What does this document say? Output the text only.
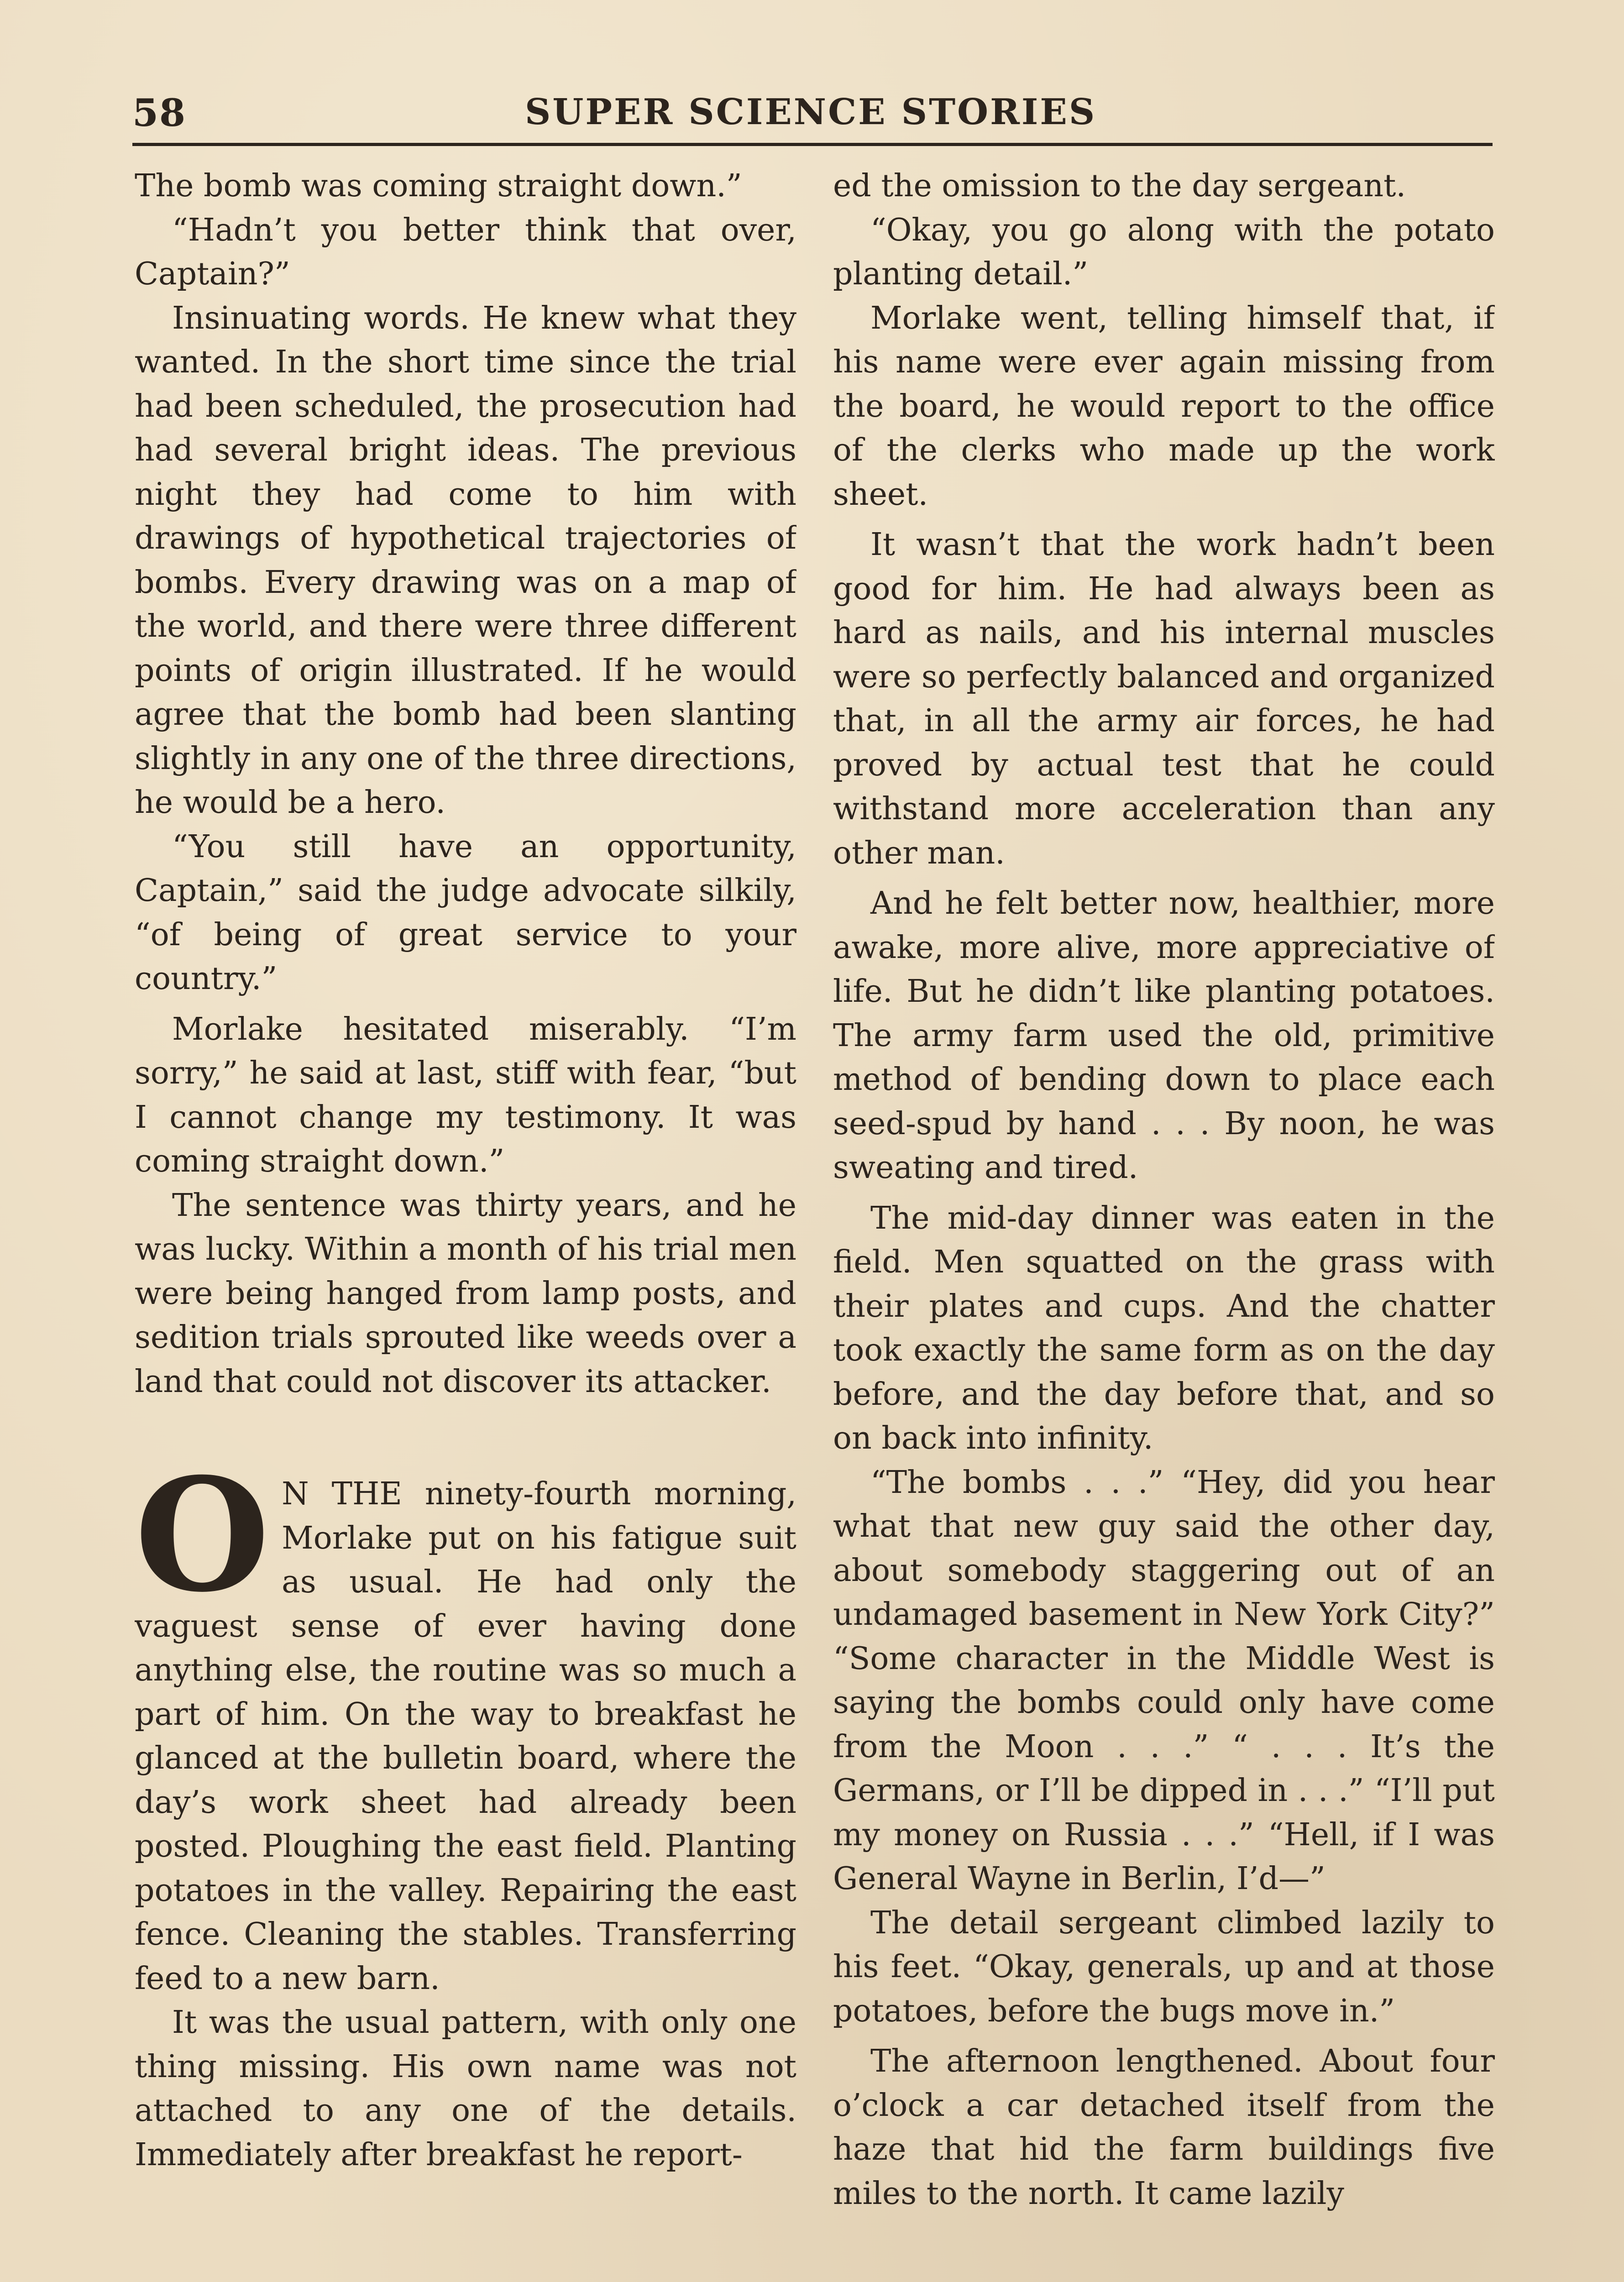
58	SUPER SCIENCE STORIES

The bomb was coming straight down.”

“Hadn’t you better think that over, Captain?”

Insinuating words. He knew what they wanted. In the short time since the trial had been scheduled, the prosecution had had several bright ideas. The previous night they had come to him with drawings of hypothetical trajectories of bombs. Every drawing was on a map of the world, and there were three different points of origin illustrated. If he would agree that the bomb had been slanting slightly in any one of the three directions, he would be a hero.

“You still have an opportunity, Captain,” said the judge advocate silkily, “of being of great service to your country.”

Morlake hesitated miserably. “I’m sorry,” he said at last, stiff with fear, “but I cannot change my testimony. It was coming straight down.”

The sentence was thirty years, and he was lucky. Within a month of his trial men were being hanged from lamp posts, and sedition trials sprouted like weeds over a land that could not discover its attacker.

O N THE ninety-fourth morning, Morlake put on his fatigue suit as usual. He had only the vaguest sense of ever having done anything else, the routine was so much a part of him. On the way to breakfast he glanced at the bulletin board, where the day’s work sheet had already been posted. Ploughing the east field. Planting potatoes in the valley. Repairing the east fence. Cleaning the stables. Transferring feed to a new barn.

It was the usual pattern, with only one thing missing. His own name was not attached to any one of the details. Immediately after breakfast he report-

ed the omission to the day sergeant.

“Okay, you go along with the potato planting detail.”

Morlake went, telling himself that, if his name were ever again missing from the board, he would report to the office of the clerks who made up the work sheet.

It wasn’t that the work hadn’t been good for him. He had always been as hard as nails, and his internal muscles were so perfectly balanced and organized that, in all the army air forces, he had proved by actual test that he could withstand more acceleration than any other man.

And he felt better now, healthier, more awake, more alive, more appreciative of life. But he didn’t like planting potatoes. The army farm used the old, primitive method of bending down to place each seed-spud by hand . . . By noon, he was sweating and tired.

The mid-day dinner was eaten in the field. Men squatted on the grass with their plates and cups. And the chatter took exactly the same form as on the day before, and the day before that, and so on back into infinity.

“The bombs . . .” “Hey, did you hear what that new guy said the other day, about somebody staggering out of an undamaged basement in New York City?” “Some character in the Middle West is saying the bombs could only have come from the Moon . . .” “ . . . It’s the Germans, or I’ll be dipped in . . .” “I’ll put my money on Russia . . .” “Hell, if I was General Wayne in Berlin, I’d—”

The detail sergeant climbed lazily to his feet. “Okay, generals, up and at those potatoes, before the bugs move in.”

The afternoon lengthened. About four o’clock a car detached itself from the haze that hid the farm buildings five miles to the north. It came lazily
